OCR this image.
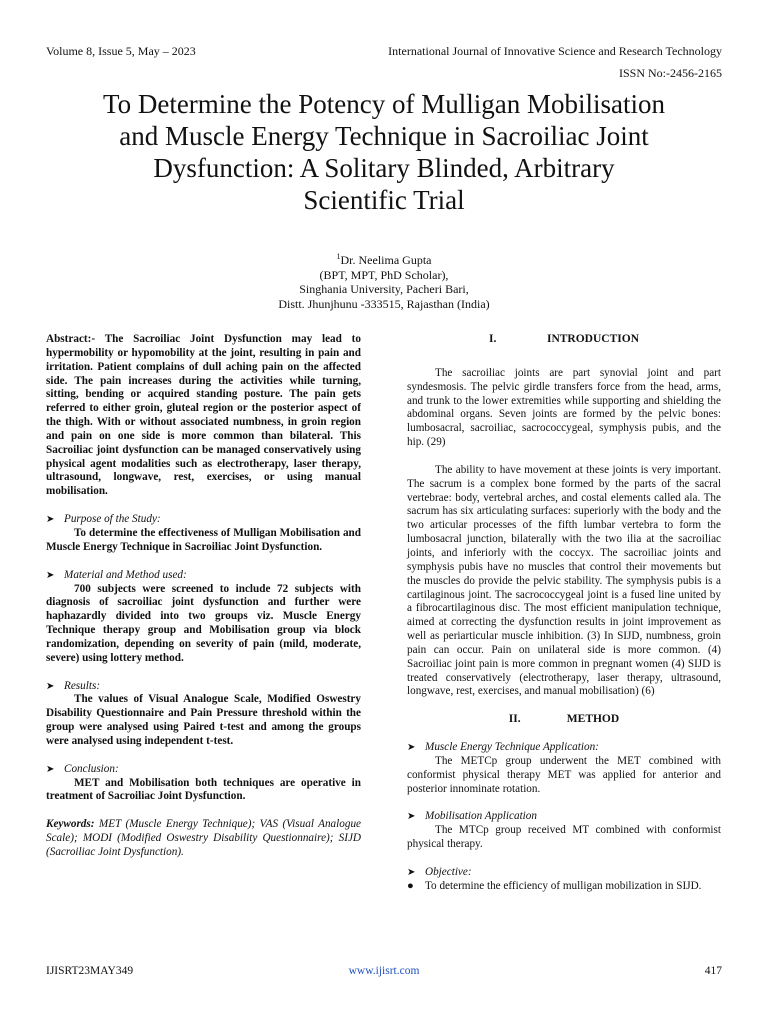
Volume 8, Issue 5, May – 2023	International Journal of Innovative Science and Research Technology
ISSN No:-2456-2165
To Determine the Potency of Mulligan Mobilisation
and Muscle Energy Technique in Sacroiliac Joint
Dysfunction: A Solitary Blinded, Arbitrary
Scientific Trial
$^1$Dr. Neelima Gupta
(BPT, MPT, PhD Scholar),
Singhania University, Pacheri Bari,
Distt. Jhunjhunu -333515, Rajasthan (India)

Abstract:- The Sacroiliac Joint Dysfunction may lead to hypermobility or hypomobility at the joint, resulting in pain and irritation. Patient complains of dull aching pain on the affected side. The pain increases during the activities while turning, sitting, bending or acquired standing posture. The pain gets referred to either groin, gluteal region or the posterior aspect of the thigh. With or without associated numbness, in groin region and pain on one side is more common than bilateral. This Sacroiliac joint dysfunction can be managed conservatively using physical agent modalities such as electrotherapy, laser therapy, ultrasound, longwave, rest, exercises, or using manual mobilisation.

➤ Purpose of the Study:

To determine the effectiveness of Mulligan Mobilisation and Muscle Energy Technique in Sacroiliac Joint Dysfunction.

➤ Material and Method used:

700 subjects were screened to include 72 subjects with diagnosis of sacroiliac joint dysfunction and further were haphazardly divided into two groups viz. Muscle Energy Technique therapy group and Mobilisation group via block randomization, depending on severity of pain (mild, moderate, severe) using lottery method.

➤ Results:

The values of Visual Analogue Scale, Modified Oswestry Disability Questionnaire and Pain Pressure threshold within the group were analysed using Paired t-test and among the groups were analysed using independent t-test.

➤ Conclusion:

MET and Mobilisation both techniques are operative in treatment of Sacroiliac Joint Dysfunction.

Keywords: MET (Muscle Energy Technique); VAS (Visual Analogue Scale); MODI (Modified Oswestry Disability Questionnaire); SIJD (Sacroiliac Joint Dysfunction).

I.	INTRODUCTION

The sacroiliac joints are part synovial joint and part syndesmosis. The pelvic girdle transfers force from the head, arms, and trunk to the lower extremities while supporting and shielding the abdominal organs. Seven joints are formed by the pelvic bones: lumbosacral, sacroiliac, sacrococcygeal, symphysis pubis, and the hip. (29)

The ability to have movement at these joints is very important. The sacrum is a complex bone formed by the parts of the sacral vertebrae: body, vertebral arches, and costal elements called ala. The sacrum has six articulating surfaces: superiorly with the body and the two articular processes of the fifth lumbar vertebra to form the lumbosacral junction, bilaterally with the two ilia at the sacroiliac joints, and inferiorly with the coccyx. The sacroiliac joints and symphysis pubis have no muscles that control their movements but the muscles do provide the pelvic stability. The symphysis pubis is a cartilaginous joint. The sacrococcygeal joint is a fused line united by a fibrocartilaginous disc. The most efficient manipulation technique, aimed at correcting the dysfunction results in joint improvement as well as periarticular muscle inhibition. (3) In SIJD, numbness, groin pain can occur. Pain on unilateral side is more common. (4) Sacroiliac joint pain is more common in pregnant women (4) SIJD is treated conservatively (electrotherapy, laser therapy, ultrasound, longwave, rest, exercises, and manual mobilisation) (6)

II.	METHOD
➤ Muscle Energy Technique Application:

The METCp group underwent the MET combined with conformist physical therapy MET was applied for anterior and posterior innominate rotation.

➤ Mobilisation Application

The MTCp group received MT combined with conformist physical therapy.

➤ Objective:
●	To determine the efficiency of mulligan mobilization in SIJD.
IJISRT23MAY349	www.ijisrt.com	417
